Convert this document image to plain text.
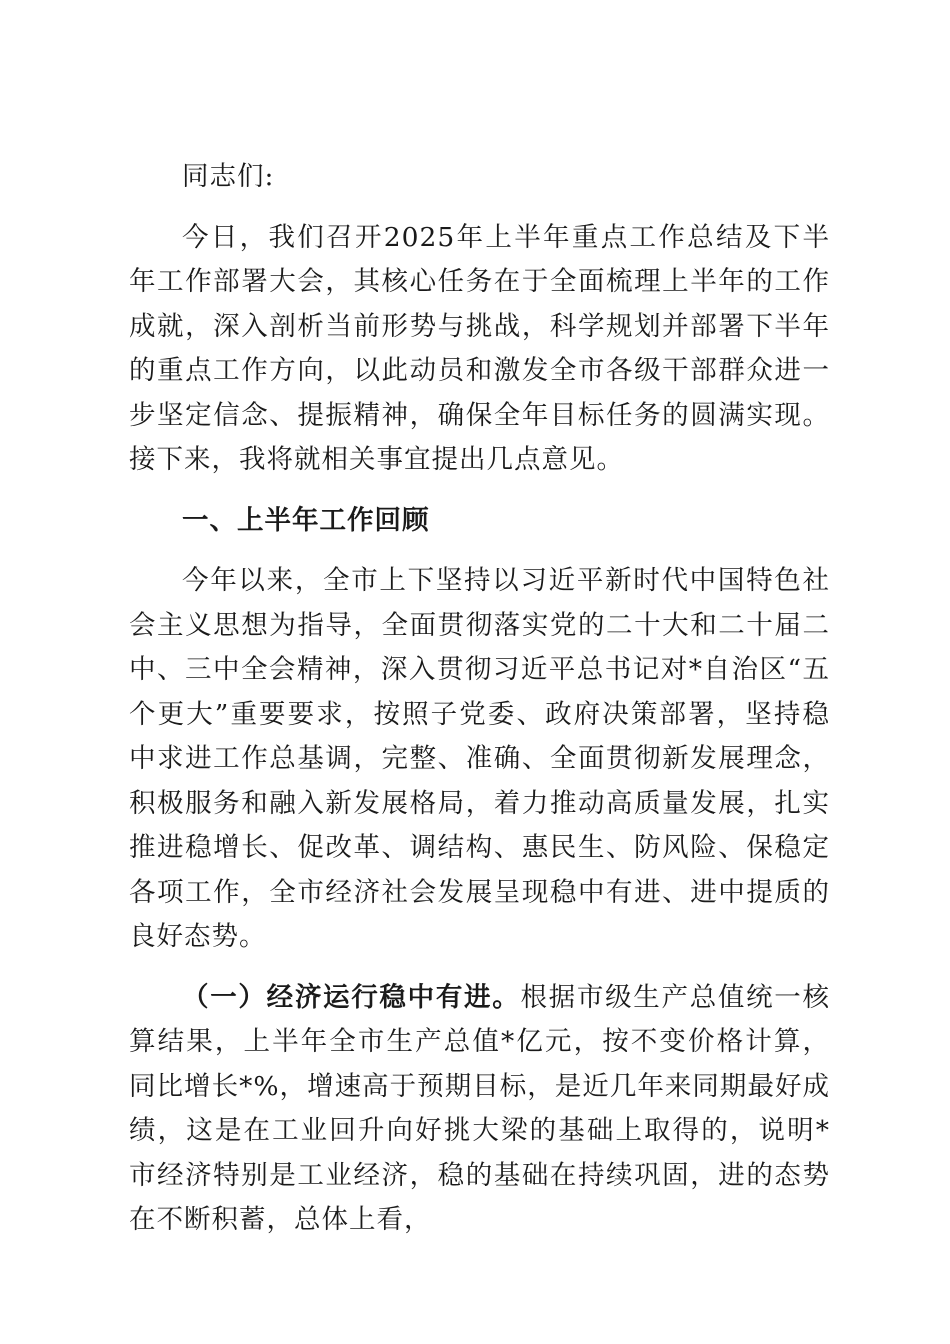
同志们:

今日，我们召开2025年上半年重点工作总结及下半年工作部署大会，其核心任务在于全面梳理上半年的工作成就，深入剖析当前形势与挑战，科学规划并部署下半年的重点工作方向，以此动员和激发全市各级干部群众进一步坚定信念、提振精神，确保全年目标任务的圆满实现。接下来，我将就相关事宜提出几点意见。

一、上半年工作回顾

今年以来，全市上下坚持以习近平新时代中国特色社会主义思想为指导，全面贯彻落实党的二十大和二十届二中、三中全会精神，深入贯彻习近平总书记对*自治区“五个更大”重要要求，按照子党委、政府决策部署，坚持稳中求进工作总基调，完整、准确、全面贯彻新发展理念，积极服务和融入新发展格局，着力推动高质量发展，扎实推进稳增长、促改革、调结构、惠民生、防风险、保稳定各项工作，全市经济社会发展呈现稳中有进、进中提质的良好态势。

（一）经济运行稳中有进。根据市级生产总值统一核算结果，上半年全市生产总值*亿元，按不变价格计算，同比增长*%，增速高于预期目标，是近几年来同期最好成绩，这是在工业回升向好挑大梁的基础上取得的，说明*市经济特别是工业经济，稳的基础在持续巩固，进的态势在不断积蓄，总体上看，
